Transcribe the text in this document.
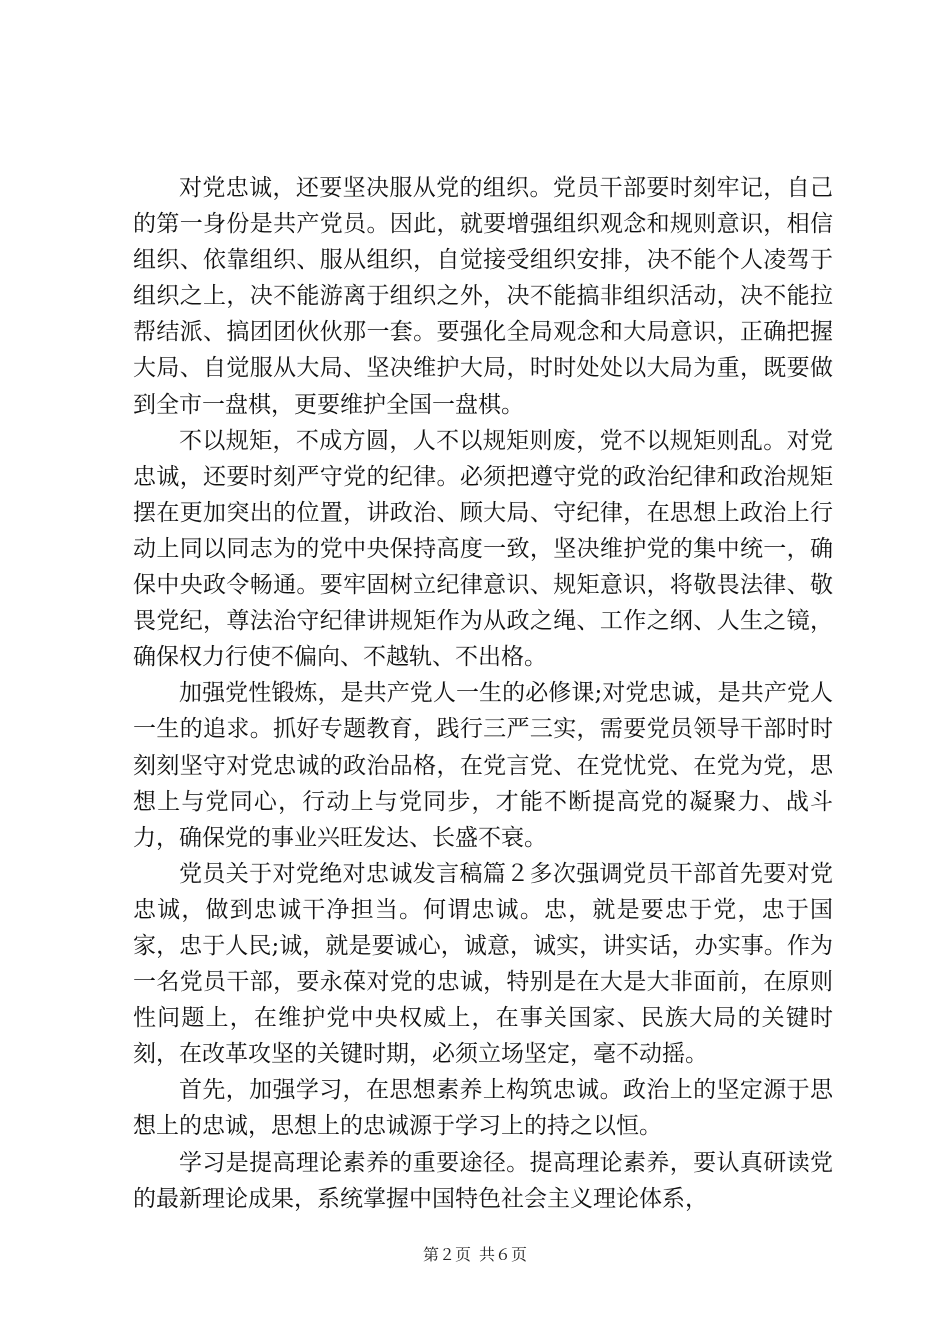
对党忠诚，还要坚决服从党的组织。党员干部要时刻牢记，自己的第一身份是共产党员。因此，就要增强组织观念和规则意识，相信组织、依靠组织、服从组织，自觉接受组织安排，决不能个人凌驾于组织之上，决不能游离于组织之外，决不能搞非组织活动，决不能拉帮结派、搞团团伙伙那一套。要强化全局观念和大局意识，正确把握大局、自觉服从大局、坚决维护大局，时时处处以大局为重，既要做到全市一盘棋，更要维护全国一盘棋。

不以规矩，不成方圆，人不以规矩则废，党不以规矩则乱。对党忠诚，还要时刻严守党的纪律。必须把遵守党的政治纪律和政治规矩摆在更加突出的位置，讲政治、顾大局、守纪律，在思想上政治上行动上同以同志为的党中央保持高度一致，坚决维护党的集中统一，确保中央政令畅通。要牢固树立纪律意识、规矩意识，将敬畏法律、敬畏党纪，尊法治守纪律讲规矩作为从政之绳、工作之纲、人生之镜，确保权力行使不偏向、不越轨、不出格。

加强党性锻炼，是共产党人一生的必修课;对党忠诚，是共产党人一生的追求。抓好专题教育，践行三严三实，需要党员领导干部时时刻刻坚守对党忠诚的政治品格，在党言党、在党忧党、在党为党，思想上与党同心，行动上与党同步，才能不断提高党的凝聚力、战斗力，确保党的事业兴旺发达、长盛不衰。

党员关于对党绝对忠诚发言稿篇２多次强调党员干部首先要对党忠诚，做到忠诚干净担当。何谓忠诚。忠，就是要忠于党，忠于国家，忠于人民;诚，就是要诚心，诚意，诚实，讲实话，办实事。作为一名党员干部，要永葆对党的忠诚，特别是在大是大非面前，在原则性问题上，在维护党中央权威上，在事关国家、民族大局的关键时刻，在改革攻坚的关键时期，必须立场坚定，毫不动摇。

首先，加强学习，在思想素养上构筑忠诚。政治上的坚定源于思想上的忠诚，思想上的忠诚源于学习上的持之以恒。

学习是提高理论素养的重要途径。提高理论素养，要认真研读党的最新理论成果，系统掌握中国特色社会主义理论体系，

第２页 共６页
